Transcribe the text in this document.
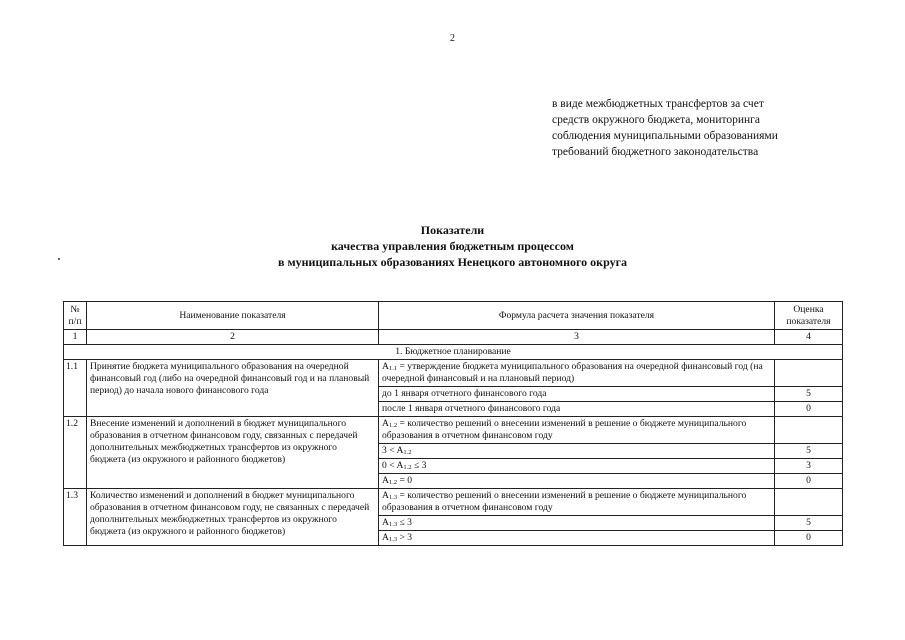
2
в виде межбюджетных трансфертов за счет
средств окружного бюджета, мониторинга
соблюдения муниципальными образованиями
требований бюджетного законодательства
Показатели
качества управления бюджетным процессом
в муниципальных образованиях Ненецкого автономного округа
№ п/п	Наименование показателя	Формула расчета значения показателя	Оценка показателя
1	2	3	4
1. Бюджетное планирование			
1.1	Принятие бюджета муниципального образования на очередной финансовый год (либо на очередной финансовый год и на плановый период) до начала нового финансового года	$A_{1.1}$ = утверждение бюджета муниципального образования на очередной финансовый год (на очередной финансовый и на плановый период)	
		до 1 января отчетного финансового года	5
		после 1 января отчетного финансового года	0
1.2	Внесение изменений и дополнений в бюджет муниципального образования в отчетном финансовом году, связанных с передачей дополнительных межбюджетных трансфертов из окружного бюджета (из окружного и районного бюджетов)	$A_{1.2}$ = количество решений о внесении изменений в решение о бюджете муниципального образования в отчетном финансовом году	
		$3 < A_{1.2}$	5
		$0 < A_{1.2} \le 3$	3
		$A_{1.2} = 0$	0
1.3	Количество изменений и дополнений в бюджет муниципального образования в отчетном финансовом году, не связанных с передачей дополнительных межбюджетных трансфертов из окружного бюджета (из окружного и районного бюджетов)	$A_{1.3}$ = количество решений о внесении изменений в решение о бюджете муниципального образования в отчетном финансовом году	
		$A_{1.3} \le 3$	5
		$A_{1.3} > 3$	0
